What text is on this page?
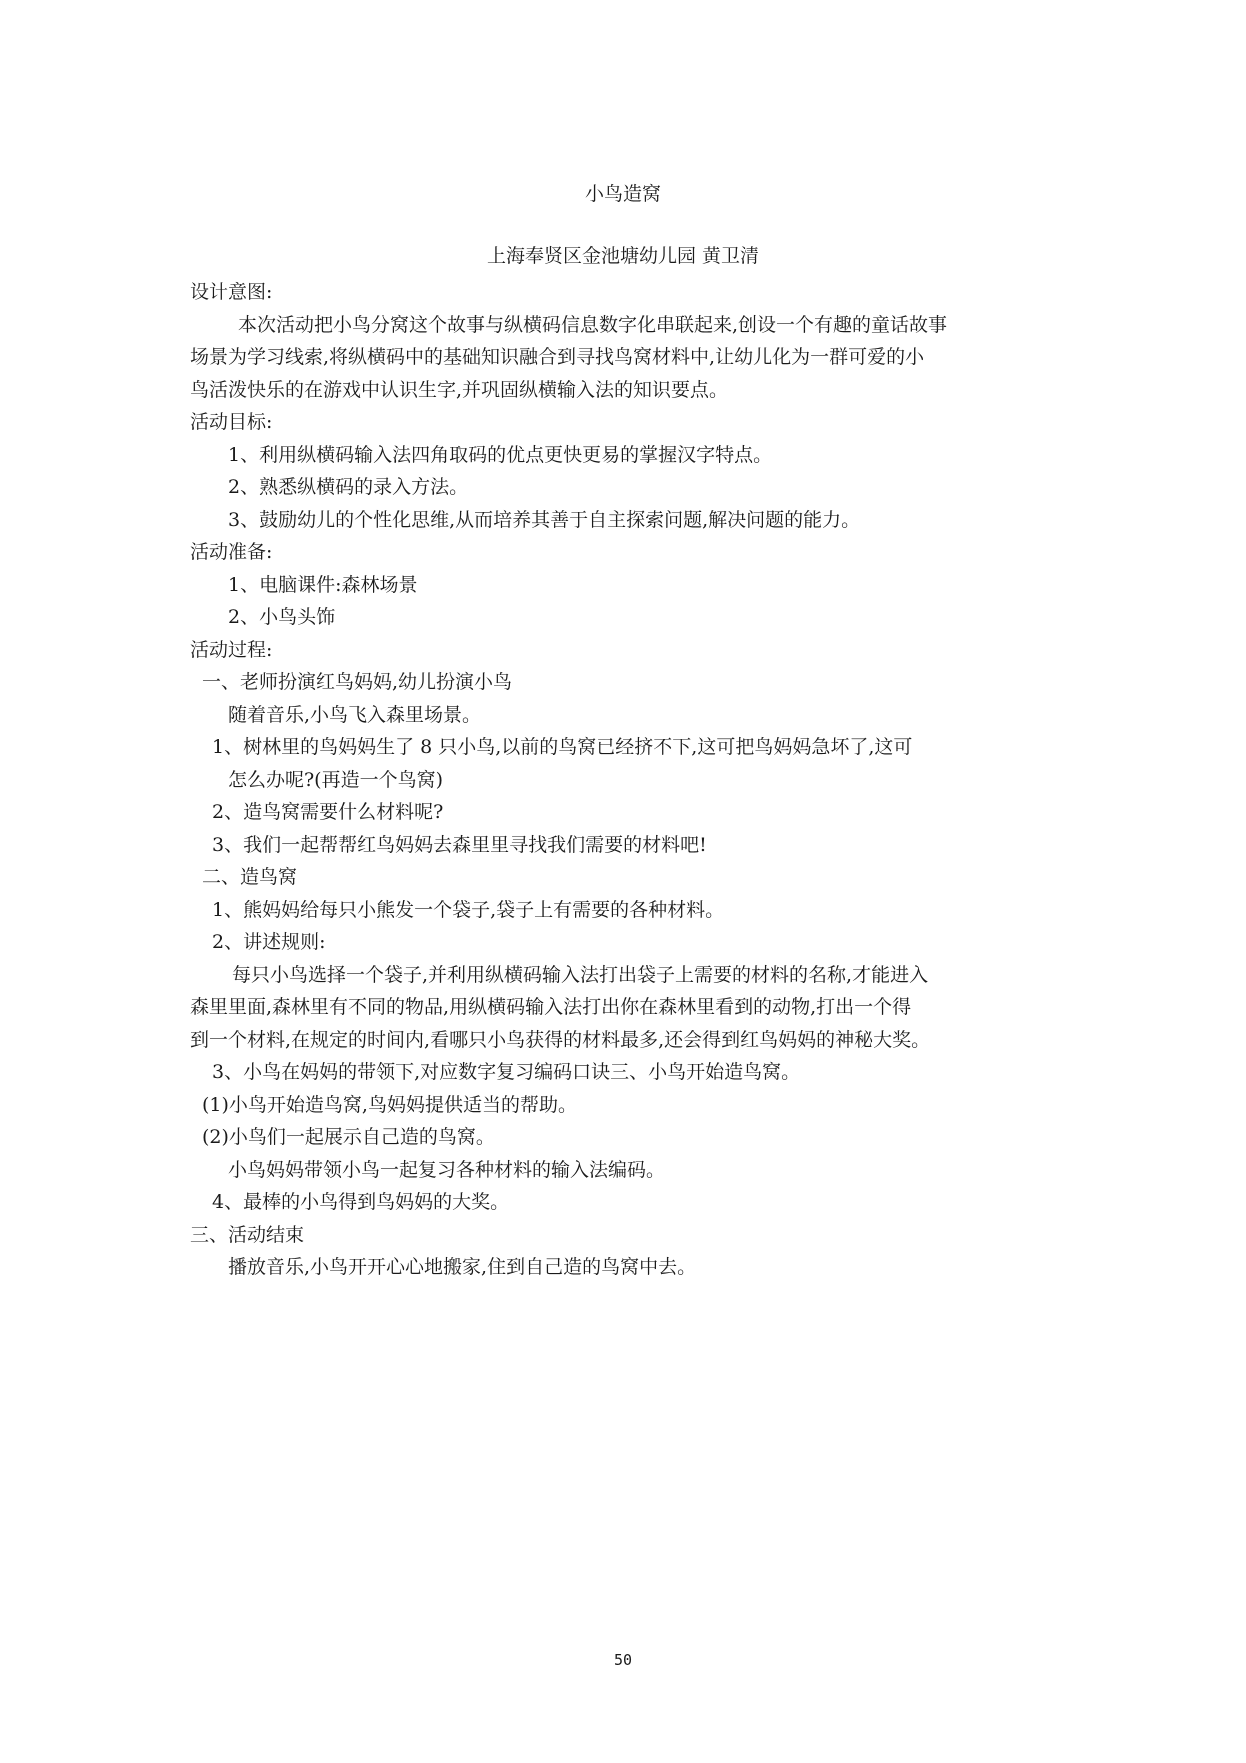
小鸟造窝
上海奉贤区金池塘幼儿园 黄卫清
设计意图:
本次活动把小鸟分窝这个故事与纵横码信息数字化串联起来,创设一个有趣的童话故事
场景为学习线索,将纵横码中的基础知识融合到寻找鸟窝材料中,让幼儿化为一群可爱的小
鸟活泼快乐的在游戏中认识生字,并巩固纵横输入法的知识要点。
活动目标:
1、利用纵横码输入法四角取码的优点更快更易的掌握汉字特点。
2、熟悉纵横码的录入方法。
3、鼓励幼儿的个性化思维,从而培养其善于自主探索问题,解决问题的能力。
活动准备:
1、电脑课件:森林场景
2、小鸟头饰
活动过程:
一、老师扮演红鸟妈妈,幼儿扮演小鸟
随着音乐,小鸟飞入森里场景。
1、树林里的鸟妈妈生了 8 只小鸟,以前的鸟窝已经挤不下,这可把鸟妈妈急坏了,这可
怎么办呢?(再造一个鸟窝)
2、造鸟窝需要什么材料呢?
3、我们一起帮帮红鸟妈妈去森里里寻找我们需要的材料吧!
二、造鸟窝
1、熊妈妈给每只小熊发一个袋子,袋子上有需要的各种材料。
2、讲述规则:
每只小鸟选择一个袋子,并利用纵横码输入法打出袋子上需要的材料的名称,才能进入
森里里面,森林里有不同的物品,用纵横码输入法打出你在森林里看到的动物,打出一个得
到一个材料,在规定的时间内,看哪只小鸟获得的材料最多,还会得到红鸟妈妈的神秘大奖。
3、小鸟在妈妈的带领下,对应数字复习编码口诀三、小鸟开始造鸟窝。
(1)小鸟开始造鸟窝,鸟妈妈提供适当的帮助。
(2)小鸟们一起展示自己造的鸟窝。
小鸟妈妈带领小鸟一起复习各种材料的输入法编码。
4、最棒的小鸟得到鸟妈妈的大奖。
三、活动结束
播放音乐,小鸟开开心心地搬家,住到自己造的鸟窝中去。
50
